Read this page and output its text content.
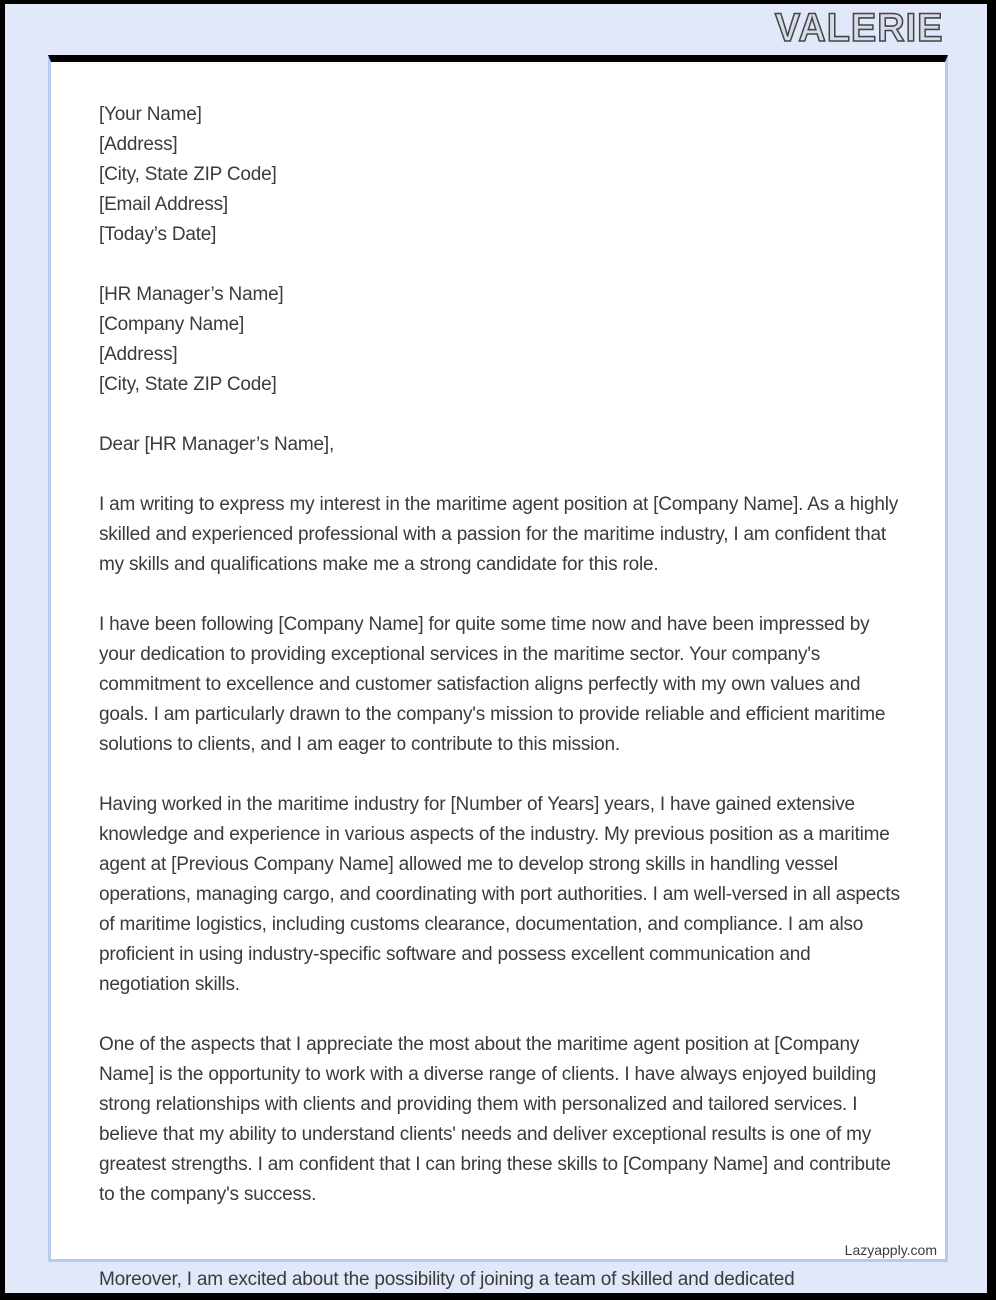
VALERIE
[Your Name]
[Address]
[City, State ZIP Code]
[Email Address]
[Today’s Date]
[HR Manager’s Name]
[Company Name]
[Address]
[City, State ZIP Code]

Dear [HR Manager’s Name],

I am writing to express my interest in the maritime agent position at [Company Name]. As a highly skilled and experienced professional with a passion for the maritime industry, I am confident that my skills and qualifications make me a strong candidate for this role.

I have been following [Company Name] for quite some time now and have been impressed by your dedication to providing exceptional services in the maritime sector. Your company's commitment to excellence and customer satisfaction aligns perfectly with my own values and goals. I am particularly drawn to the company's mission to provide reliable and efficient maritime solutions to clients, and I am eager to contribute to this mission.

Having worked in the maritime industry for [Number of Years] years, I have gained extensive knowledge and experience in various aspects of the industry. My previous position as a maritime agent at [Previous Company Name] allowed me to develop strong skills in handling vessel operations, managing cargo, and coordinating with port authorities. I am well-versed in all aspects of maritime logistics, including customs clearance, documentation, and compliance. I am also proficient in using industry-specific software and possess excellent communication and negotiation skills.

One of the aspects that I appreciate the most about the maritime agent position at [Company Name] is the opportunity to work with a diverse range of clients. I have always enjoyed building strong relationships with clients and providing them with personalized and tailored services. I believe that my ability to understand clients' needs and deliver exceptional results is one of my greatest strengths. I am confident that I can bring these skills to [Company Name] and contribute to the company's success.

Lazyapply.com
Moreover, I am excited about the possibility of joining a team of skilled and dedicated
